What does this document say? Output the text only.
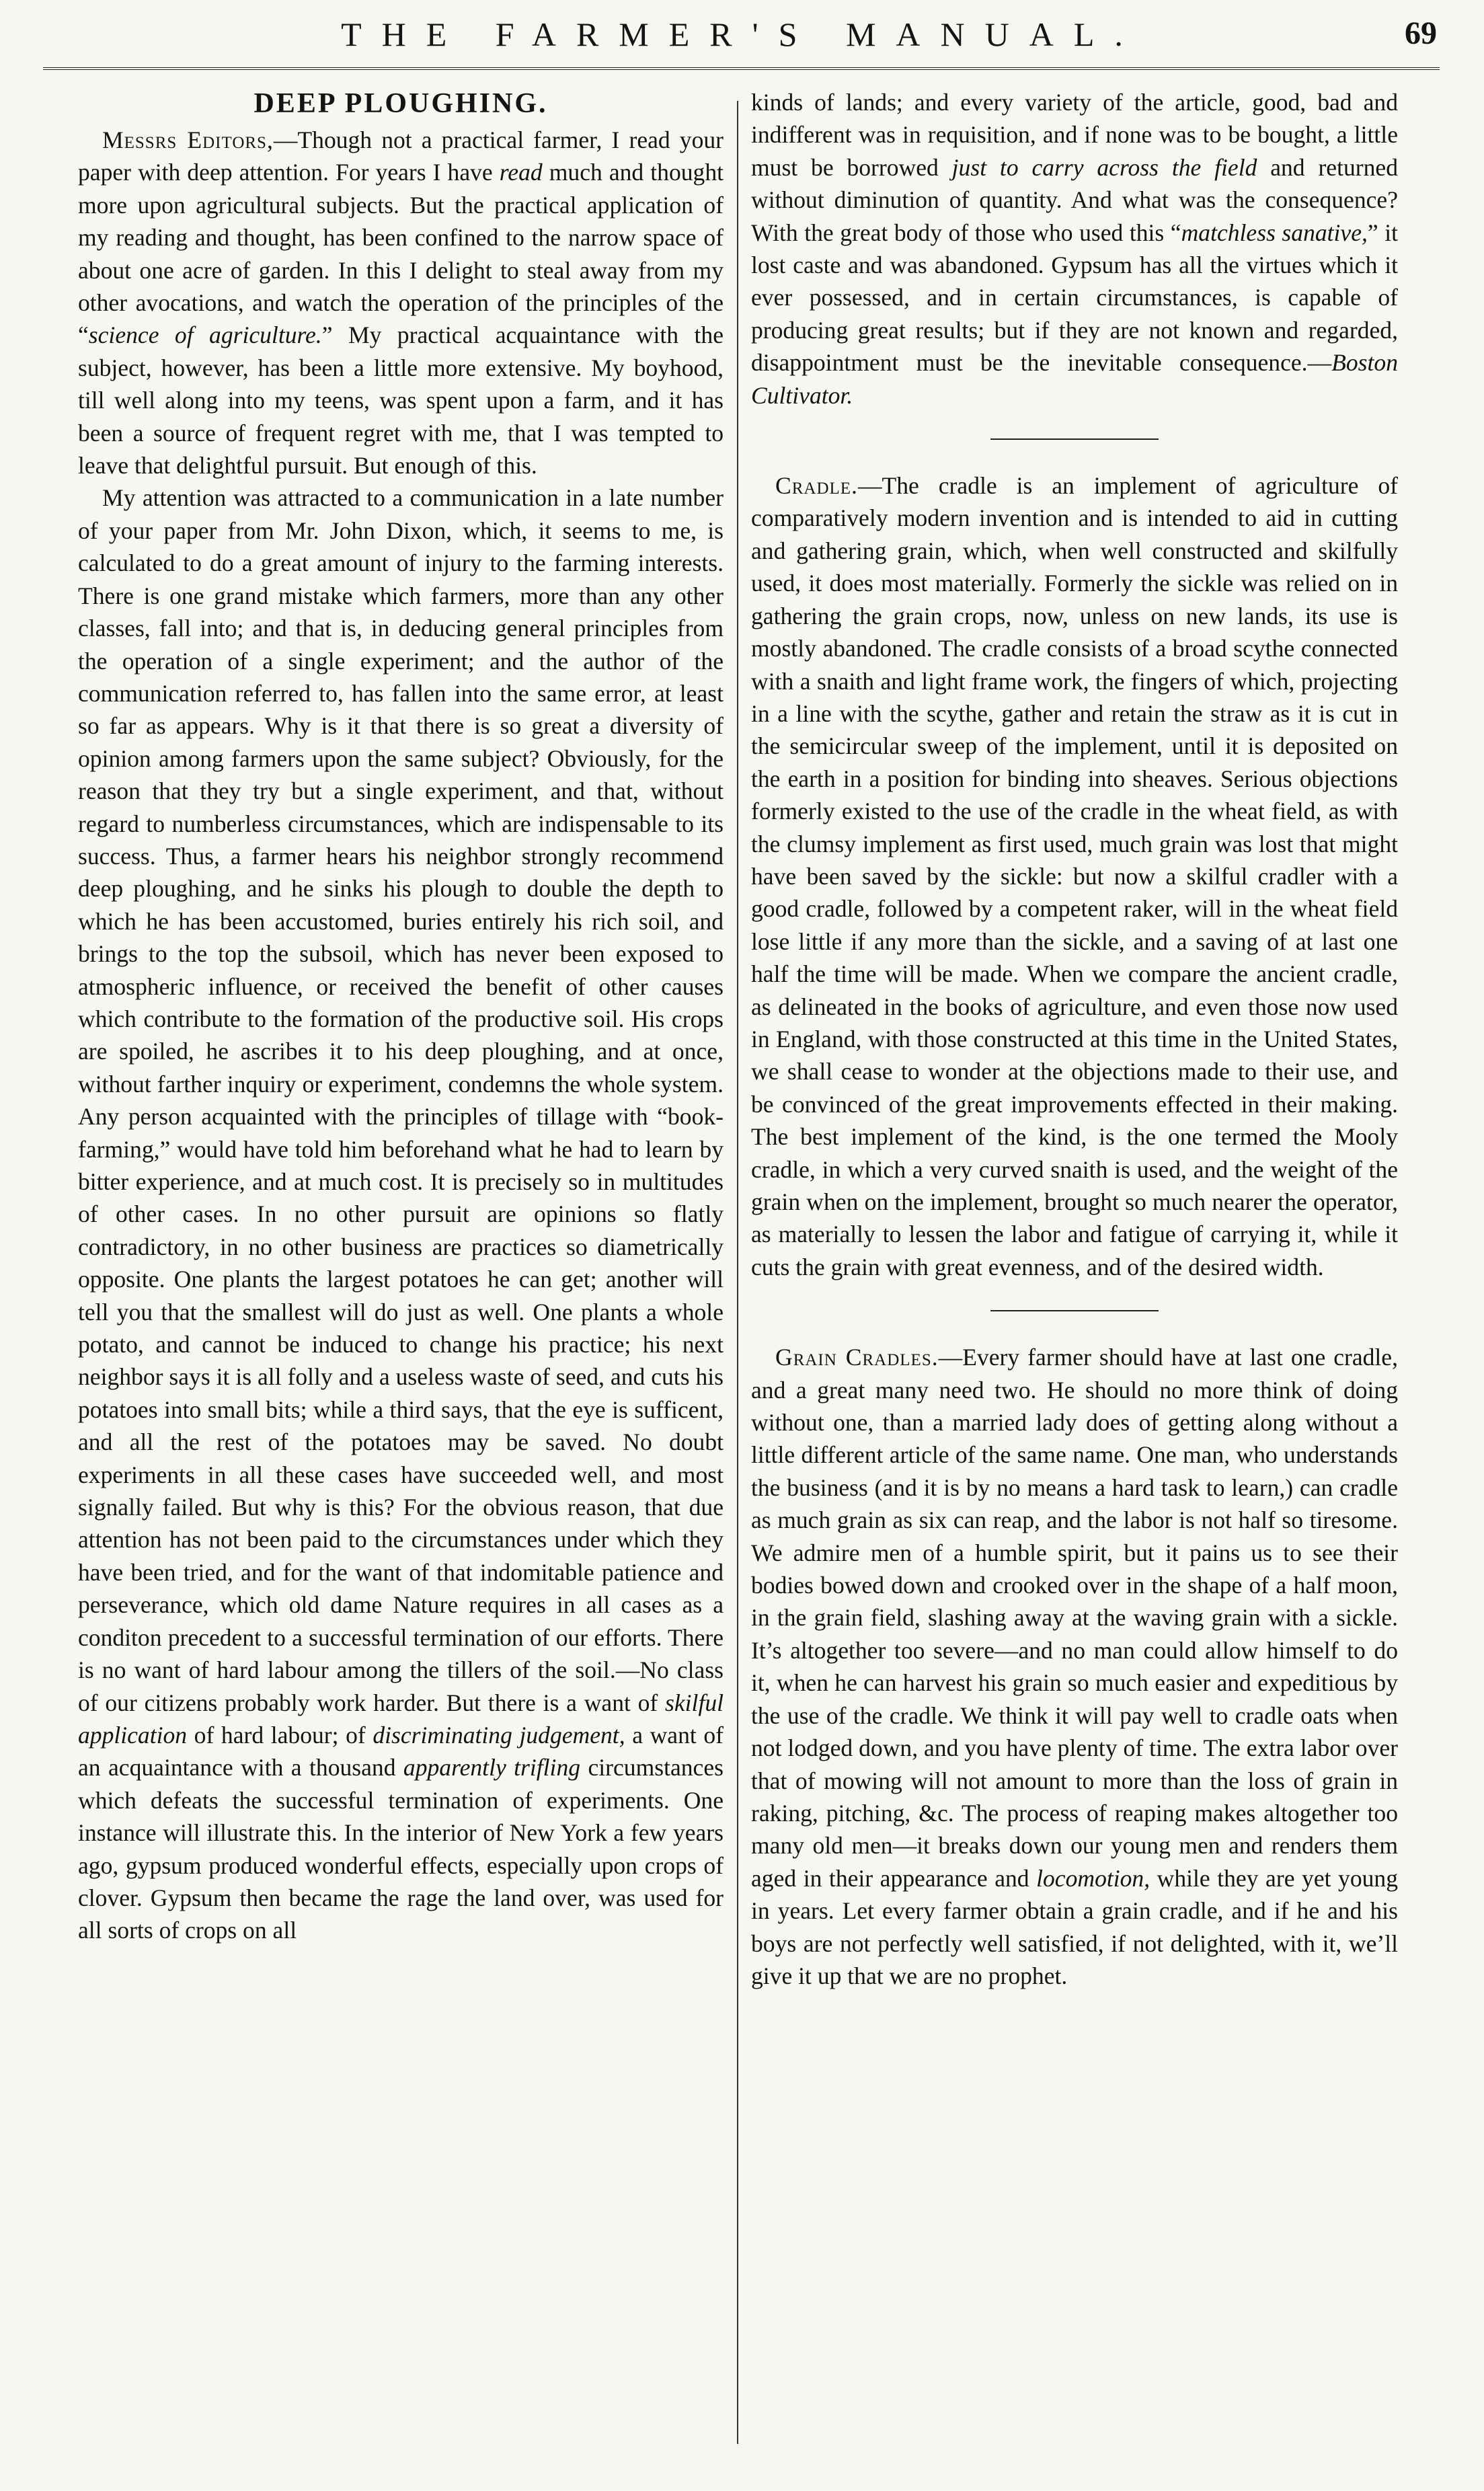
THE FARMER'S MANUAL.	69
DEEP PLOUGHING.

Messrs Editors,—Though not a practical farmer, I read your paper with deep attention. For years I have read much and thought more upon agricultural subjects. But the practical application of my reading and thought, has been confined to the narrow space of about one acre of garden. In this I delight to steal away from my other avocations, and watch the operation of the principles of the “science of agriculture.” My practical acquaintance with the subject, however, has been a little more extensive. My boyhood, till well along into my teens, was spent upon a farm, and it has been a source of frequent regret with me, that I was tempted to leave that delightful pursuit. But enough of this.

My attention was attracted to a communication in a late number of your paper from Mr. John Dixon, which, it seems to me, is calculated to do a great amount of injury to the farming interests. There is one grand mistake which farmers, more than any other classes, fall into; and that is, in deducing general principles from the operation of a single experiment; and the author of the communication referred to, has fallen into the same error, at least so far as appears. Why is it that there is so great a diversity of opinion among farmers upon the same subject? Obviously, for the reason that they try but a single experiment, and that, without regard to numberless circumstances, which are indispensable to its success. Thus, a farmer hears his neighbor strongly recommend deep ploughing, and he sinks his plough to double the depth to which he has been accustomed, buries entirely his rich soil, and brings to the top the subsoil, which has never been exposed to atmospheric influence, or received the benefit of other causes which contribute to the formation of the productive soil. His crops are spoiled, he ascribes it to his deep ploughing, and at once, without farther inquiry or experiment, condemns the whole system. Any person acquainted with the principles of tillage with “book-farming,” would have told him beforehand what he had to learn by bitter experience, and at much cost. It is precisely so in multitudes of other cases. In no other pursuit are opinions so flatly contradictory, in no other business are practices so diametrically opposite. One plants the largest potatoes he can get; another will tell you that the smallest will do just as well. One plants a whole potato, and cannot be induced to change his practice; his next neighbor says it is all folly and a useless waste of seed, and cuts his potatoes into small bits; while a third says, that the eye is sufficent, and all the rest of the potatoes may be saved. No doubt experiments in all these cases have succeeded well, and most signally failed. But why is this? For the obvious reason, that due attention has not been paid to the circumstances under which they have been tried, and for the want of that indomitable patience and perseverance, which old dame Nature requires in all cases as a conditon precedent to a successful termination of our efforts. There is no want of hard labour among the tillers of the soil.—No class of our citizens probably work harder. But there is a want of skilful application of hard labour; of discriminating judgement, a want of an acquaintance with a thousand apparently trifling circumstances which defeats the successful termination of experiments. One instance will illustrate this. In the interior of New York a few years ago, gypsum produced wonderful effects, especially upon crops of clover. Gypsum then became the rage the land over, was used for all sorts of crops on all

kinds of lands; and every variety of the article, good, bad and indifferent was in requisition, and if none was to be bought, a little must be borrowed just to carry across the field and returned without diminution of quantity. And what was the consequence? With the great body of those who used this “matchless sanative,” it lost caste and was abandoned. Gypsum has all the virtues which it ever possessed, and in certain circumstances, is capable of producing great results; but if they are not known and regarded, disappointment must be the inevitable consequence.—Boston Cultivator.

Cradle.—The cradle is an implement of agriculture of comparatively modern invention and is intended to aid in cutting and gathering grain, which, when well constructed and skilfully used, it does most materially. Formerly the sickle was relied on in gathering the grain crops, now, unless on new lands, its use is mostly abandoned. The cradle consists of a broad scythe connected with a snaith and light frame work, the fingers of which, projecting in a line with the scythe, gather and retain the straw as it is cut in the semicircular sweep of the implement, until it is deposited on the earth in a position for binding into sheaves. Serious objections formerly existed to the use of the cradle in the wheat field, as with the clumsy implement as first used, much grain was lost that might have been saved by the sickle: but now a skilful cradler with a good cradle, followed by a competent raker, will in the wheat field lose little if any more than the sickle, and a saving of at last one half the time will be made. When we compare the ancient cradle, as delineated in the books of agriculture, and even those now used in England, with those constructed at this time in the United States, we shall cease to wonder at the objections made to their use, and be convinced of the great improvements effected in their making. The best implement of the kind, is the one termed the Mooly cradle, in which a very curved snaith is used, and the weight of the grain when on the implement, brought so much nearer the operator, as materially to lessen the labor and fatigue of carrying it, while it cuts the grain with great evenness, and of the desired width.

Grain Cradles.—Every farmer should have at last one cradle, and a great many need two. He should no more think of doing without one, than a married lady does of getting along without a little different article of the same name. One man, who understands the business (and it is by no means a hard task to learn,) can cradle as much grain as six can reap, and the labor is not half so tiresome. We admire men of a humble spirit, but it pains us to see their bodies bowed down and crooked over in the shape of a half moon, in the grain field, slashing away at the waving grain with a sickle. It’s altogether too severe—and no man could allow himself to do it, when he can harvest his grain so much easier and expeditious by the use of the cradle. We think it will pay well to cradle oats when not lodged down, and you have plenty of time. The extra labor over that of mowing will not amount to more than the loss of grain in raking, pitching, &c. The process of reaping makes altogether too many old men—it breaks down our young men and renders them aged in their appearance and locomotion, while they are yet young in years. Let every farmer obtain a grain cradle, and if he and his boys are not perfectly well satisfied, if not delighted, with it, we’ll give it up that we are no prophet.
